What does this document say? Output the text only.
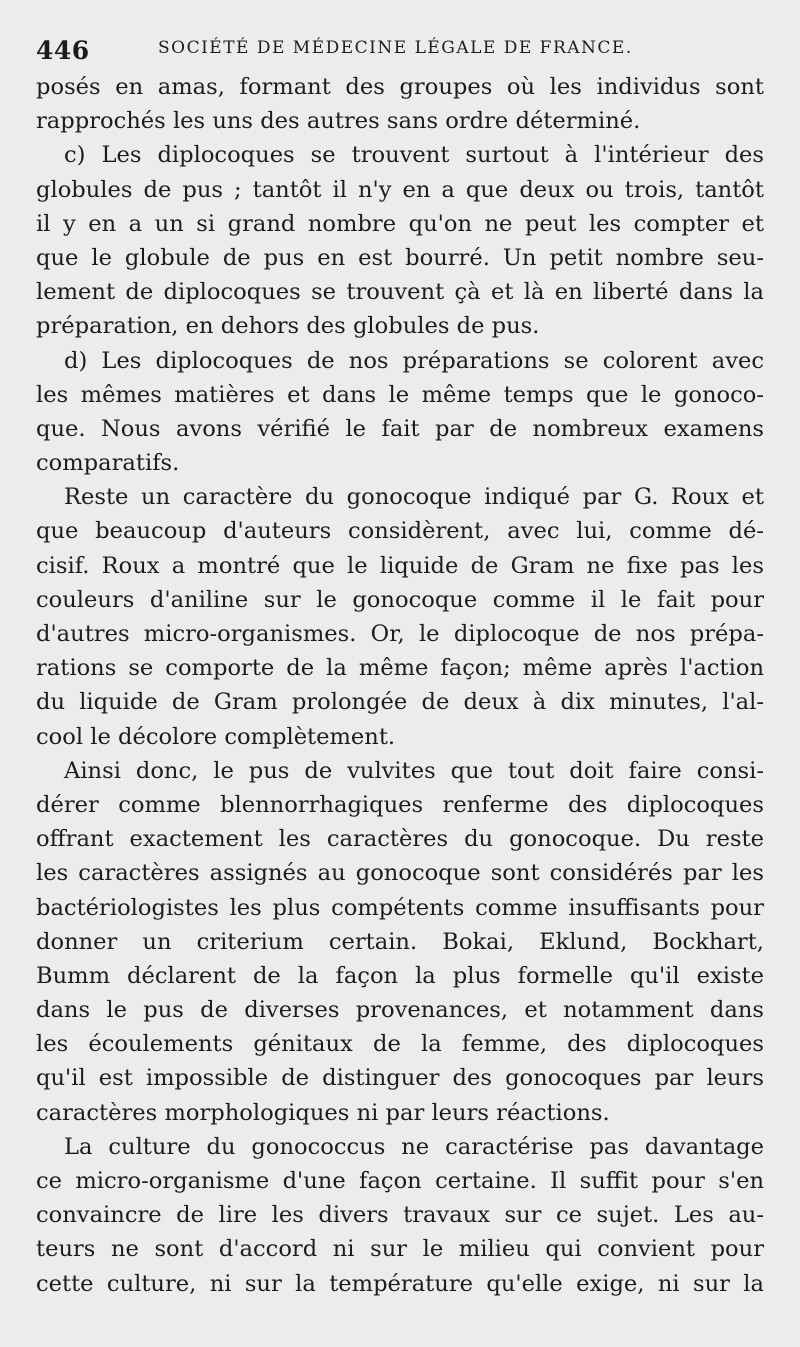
446	SOCIÉTÉ DE MÉDECINE LÉGALE DE FRANCE.
posés en amas, formant des groupes où les individus sont
rapprochés les uns des autres sans ordre déterminé.
c) Les diplocoques se trouvent surtout à l'intérieur des
globules de pus ; tantôt il n'y en a que deux ou trois, tantôt
il y en a un si grand nombre qu'on ne peut les compter et
que le globule de pus en est bourré. Un petit nombre seu-
lement de diplocoques se trouvent çà et là en liberté dans la
préparation, en dehors des globules de pus.
d) Les diplocoques de nos préparations se colorent avec
les mêmes matières et dans le même temps que le gonoco-
que. Nous avons vérifié le fait par de nombreux examens
comparatifs.
Reste un caractère du gonocoque indiqué par G. Roux et
que beaucoup d'auteurs considèrent, avec lui, comme dé-
cisif. Roux a montré que le liquide de Gram ne fixe pas les
couleurs d'aniline sur le gonocoque comme il le fait pour
d'autres micro-organismes. Or, le diplocoque de nos prépa-
rations se comporte de la même façon; même après l'action
du liquide de Gram prolongée de deux à dix minutes, l'al-
cool le décolore complètement.
Ainsi donc, le pus de vulvites que tout doit faire consi-
dérer comme blennorrhagiques renferme des diplocoques
offrant exactement les caractères du gonocoque. Du reste
les caractères assignés au gonocoque sont considérés par les
bactériologistes les plus compétents comme insuffisants pour
donner un criterium certain. Bokai, Eklund, Bockhart,
Bumm déclarent de la façon la plus formelle qu'il existe
dans le pus de diverses provenances, et notamment dans
les écoulements génitaux de la femme, des diplocoques
qu'il est impossible de distinguer des gonocoques par leurs
caractères morphologiques ni par leurs réactions.
La culture du gonococcus ne caractérise pas davantage
ce micro-organisme d'une façon certaine. Il suffit pour s'en
convaincre de lire les divers travaux sur ce sujet. Les au-
teurs ne sont d'accord ni sur le milieu qui convient pour
cette culture, ni sur la température qu'elle exige, ni sur la
